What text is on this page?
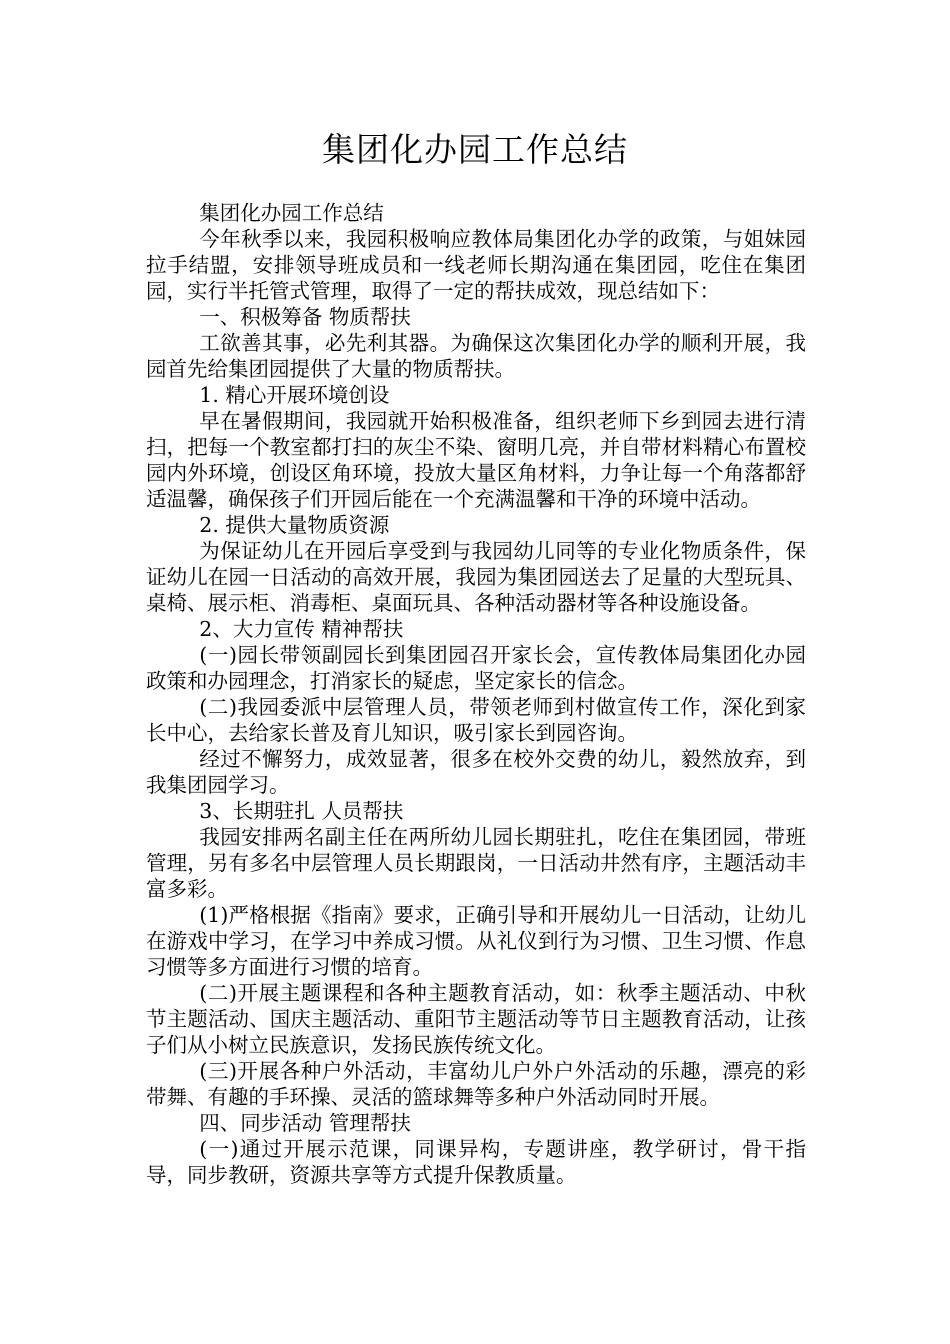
集团化办园工作总结

集团化办园工作总结

今年秋季以来，我园积极响应教体局集团化办学的政策，与姐妹园拉手结盟，安排领导班成员和一线老师长期沟通在集团园，吃住在集团园，实行半托管式管理，取得了一定的帮扶成效，现总结如下：

一、积极筹备 物质帮扶

工欲善其事，必先利其器。为确保这次集团化办学的顺利开展，我园首先给集团园提供了大量的物质帮扶。

1. 精心开展环境创设

早在暑假期间，我园就开始积极准备，组织老师下乡到园去进行清扫，把每一个教室都打扫的灰尘不染、窗明几亮，并自带材料精心布置校园内外环境，创设区角环境，投放大量区角材料，力争让每一个角落都舒适温馨，确保孩子们开园后能在一个充满温馨和干净的环境中活动。

2. 提供大量物质资源

为保证幼儿在开园后享受到与我园幼儿同等的专业化物质条件，保证幼儿在园一日活动的高效开展，我园为集团园送去了足量的大型玩具、桌椅、展示柜、消毒柜、桌面玩具、各种活动器材等各种设施设备。

2、大力宣传 精神帮扶

(一)园长带领副园长到集团园召开家长会，宣传教体局集团化办园政策和办园理念，打消家长的疑虑，坚定家长的信念。

(二)我园委派中层管理人员，带领老师到村做宣传工作，深化到家长中心，去给家长普及育儿知识，吸引家长到园咨询。

经过不懈努力，成效显著，很多在校外交费的幼儿，毅然放弃，到我集团园学习。

3、长期驻扎 人员帮扶

我园安排两名副主任在两所幼儿园长期驻扎，吃住在集团园，带班管理，另有多名中层管理人员长期跟岗，一日活动井然有序，主题活动丰富多彩。

(1)严格根据《指南》要求，正确引导和开展幼儿一日活动，让幼儿在游戏中学习，在学习中养成习惯。从礼仪到行为习惯、卫生习惯、作息习惯等多方面进行习惯的培育。

(二)开展主题课程和各种主题教育活动，如：秋季主题活动、中秋节主题活动、国庆主题活动、重阳节主题活动等节日主题教育活动，让孩子们从小树立民族意识，发扬民族传统文化。

(三)开展各种户外活动，丰富幼儿户外户外活动的乐趣，漂亮的彩带舞、有趣的手环操、灵活的篮球舞等多种户外活动同时开展。

四、同步活动 管理帮扶

(一)通过开展示范课，同课异构，专题讲座，教学研讨，骨干指导，同步教研，资源共享等方式提升保教质量。
